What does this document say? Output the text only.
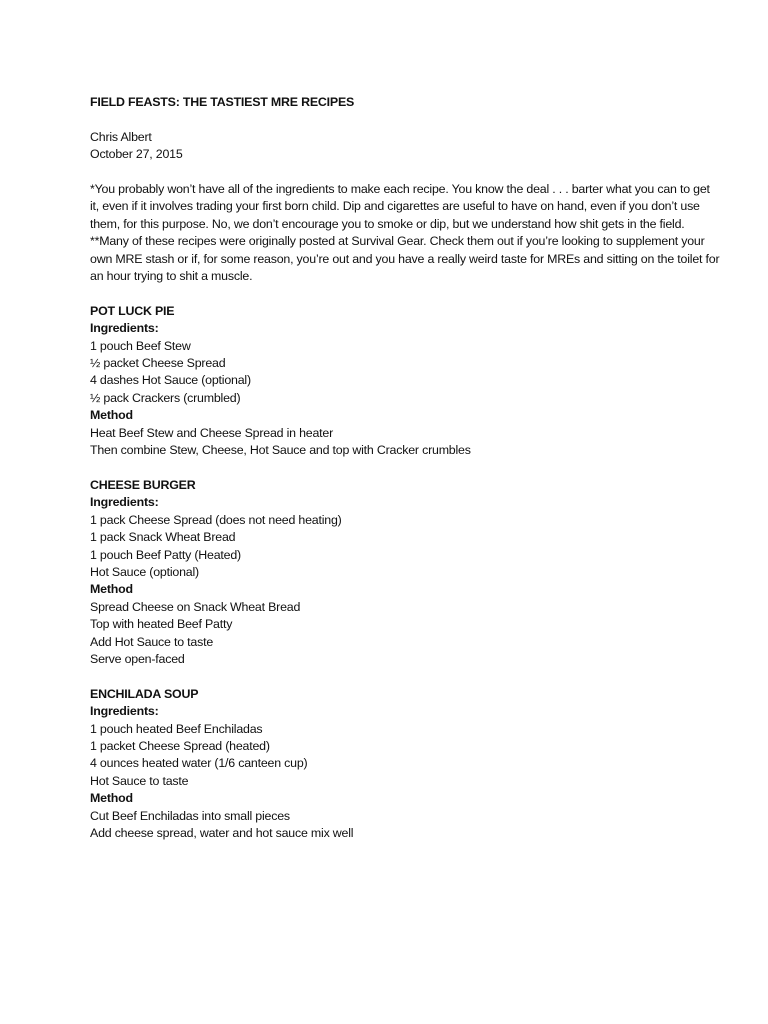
FIELD FEASTS: THE TASTIEST MRE RECIPES
Chris Albert
October 27, 2015

*You probably won’t have all of the ingredients to make each recipe. You know the deal . . . barter what you can to get it, even if it involves trading your first born child. Dip and cigarettes are useful to have on hand, even if you don’t use them, for this purpose. No, we don’t encourage you to smoke or dip, but we understand how shit gets in the field.

**Many of these recipes were originally posted at Survival Gear. Check them out if you’re looking to supplement your own MRE stash or if, for some reason, you’re out and you have a really weird taste for MREs and sitting on the toilet for an hour trying to shit a muscle.

POT LUCK PIE
Ingredients:
1 pouch Beef Stew
½ packet Cheese Spread
4 dashes Hot Sauce (optional)
½ pack Crackers (crumbled)
Method
Heat Beef Stew and Cheese Spread in heater
Then combine Stew, Cheese, Hot Sauce and top with Cracker crumbles
CHEESE BURGER
Ingredients:
1 pack Cheese Spread (does not need heating)
1 pack Snack Wheat Bread
1 pouch Beef Patty (Heated)
Hot Sauce (optional)
Method
Spread Cheese on Snack Wheat Bread
Top with heated Beef Patty
Add Hot Sauce to taste
Serve open-faced
ENCHILADA SOUP
Ingredients:
1 pouch heated Beef Enchiladas
1 packet Cheese Spread (heated)
4 ounces heated water (1/6 canteen cup)
Hot Sauce to taste
Method
Cut Beef Enchiladas into small pieces
Add cheese spread, water and hot sauce mix well
